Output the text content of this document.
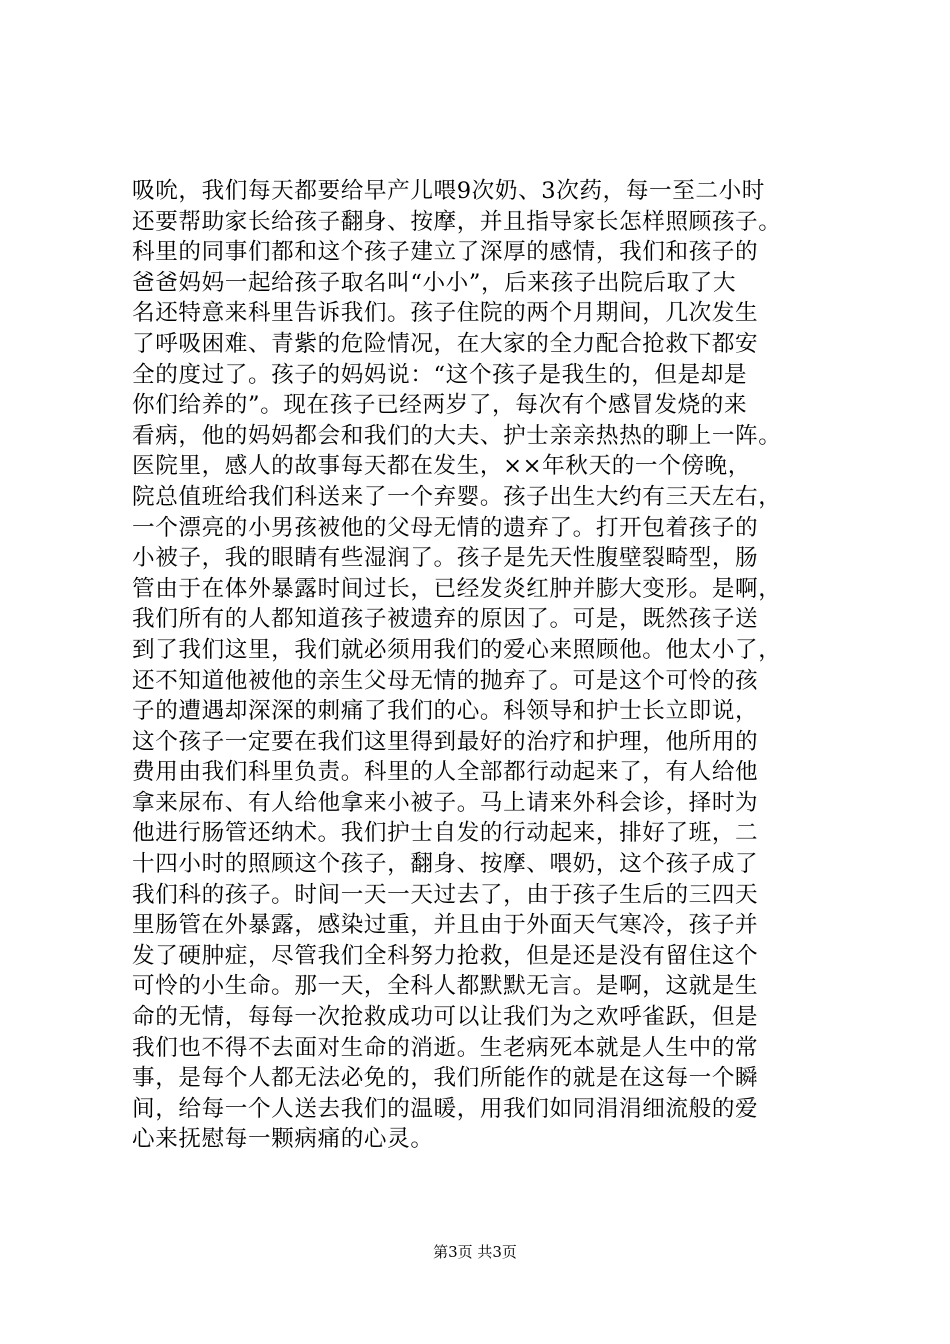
吸吮，我们每天都要给早产儿喂9次奶、3次药，每一至二小时
还要帮助家长给孩子翻身、按摩，并且指导家长怎样照顾孩子。
科里的同事们都和这个孩子建立了深厚的感情，我们和孩子的
爸爸妈妈一起给孩子取名叫“小小”，后来孩子出院后取了大
名还特意来科里告诉我们。孩子住院的两个月期间，几次发生
了呼吸困难、青紫的危险情况，在大家的全力配合抢救下都安
全的度过了。孩子的妈妈说：“这个孩子是我生的，但是却是
你们给养的”。现在孩子已经两岁了，每次有个感冒发烧的来
看病，他的妈妈都会和我们的大夫、护士亲亲热热的聊上一阵。
医院里，感人的故事每天都在发生，××年秋天的一个傍晚，
院总值班给我们科送来了一个弃婴。孩子出生大约有三天左右，
一个漂亮的小男孩被他的父母无情的遗弃了。打开包着孩子的
小被子，我的眼睛有些湿润了。孩子是先天性腹壁裂畸型，肠
管由于在体外暴露时间过长，已经发炎红肿并膨大变形。是啊，
我们所有的人都知道孩子被遗弃的原因了。可是，既然孩子送
到了我们这里，我们就必须用我们的爱心来照顾他。他太小了，
还不知道他被他的亲生父母无情的抛弃了。可是这个可怜的孩
子的遭遇却深深的刺痛了我们的心。科领导和护士长立即说，
这个孩子一定要在我们这里得到最好的治疗和护理，他所用的
费用由我们科里负责。科里的人全部都行动起来了，有人给他
拿来尿布、有人给他拿来小被子。马上请来外科会诊，择时为
他进行肠管还纳术。我们护士自发的行动起来，排好了班，二
十四小时的照顾这个孩子，翻身、按摩、喂奶，这个孩子成了
我们科的孩子。时间一天一天过去了，由于孩子生后的三四天
里肠管在外暴露，感染过重，并且由于外面天气寒冷，孩子并
发了硬肿症，尽管我们全科努力抢救，但是还是没有留住这个
可怜的小生命。那一天，全科人都默默无言。是啊，这就是生
命的无情，每每一次抢救成功可以让我们为之欢呼雀跃，但是
我们也不得不去面对生命的消逝。生老病死本就是人生中的常
事，是每个人都无法必免的，我们所能作的就是在这每一个瞬
间，给每一个人送去我们的温暖，用我们如同涓涓细流般的爱
心来抚慰每一颗病痛的心灵。
第3页 共3页
